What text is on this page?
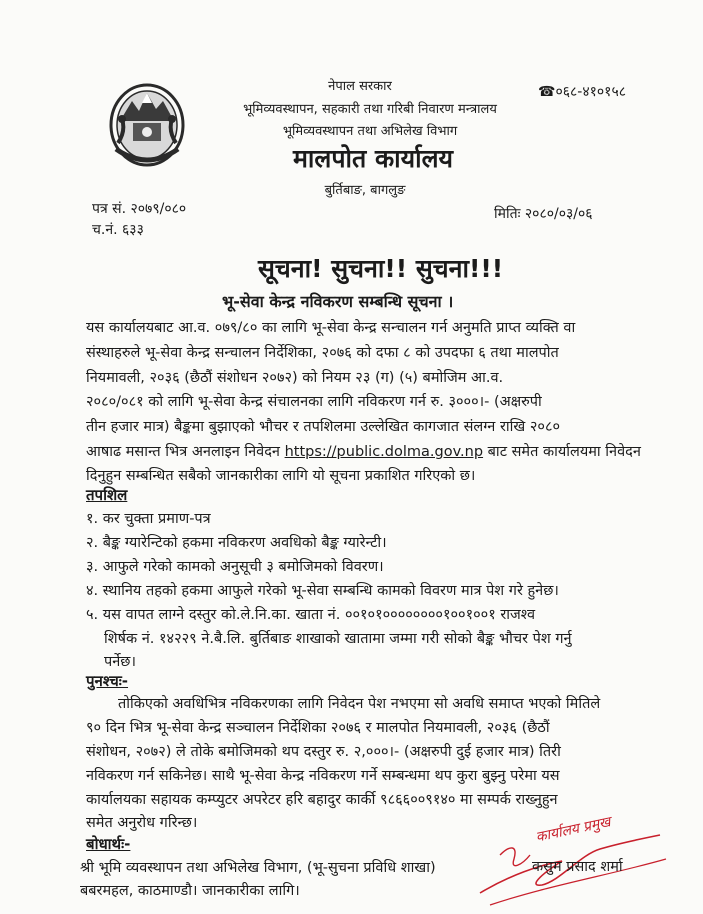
नेपाल सरकार
भूमिव्यवस्थापन, सहकारी तथा गरिबी निवारण मन्त्रालय
भूमिव्यवस्थापन तथा अभिलेख विभाग
मालपोत कार्यालय
बुर्तिबाङ, बागलुङ
☎०६८-४१०१५८
पत्र सं. २०७९/०८०
च.नं. ६३३
मितिः २०८०/०३/०६
सूचना! सुचना!! सुचना!!!
भू-सेवा केन्द्र नविकरण सम्बन्धि सूचना ।
यस कार्यालयबाट आ.व. ०७९/८० का लागि भू-सेवा केन्द्र सन्चालन गर्न अनुमति प्राप्त व्यक्ति वा
संस्थाहरुले भू-सेवा केन्द्र सन्चालन निर्देशिका, २०७६ को दफा ८ को उपदफा ६ तथा मालपोत
नियमावली, २०३६ (छैठौं संशोधन २०७२) को नियम २३ (ग) (५) बमोजिम आ.व.
२०८०/०८१ को लागि भू-सेवा केन्द्र संचालनका लागि नविकरण गर्न रु. ३०००।- (अक्षरुपी
तीन हजार मात्र) बैङ्कमा बुझाएको भौचर र तपशिलमा उल्लेखित कागजात संलग्न राखि २०८०
आषाढ मसान्त भित्र अनलाइन निवेदन https://public.dolma.gov.np बाट समेत कार्यालयमा निवेदन
दिनुहुन सम्बन्धित सबैको जानकारीका लागि यो सूचना प्रकाशित गरिएको छ।
तपशिल
१. कर चुक्ता प्रमाण-पत्र
२. बैङ्क ग्यारेन्टिको हकमा नविकरण अवधिको बैङ्क ग्यारेन्टी।
३. आफुले गरेको कामको अनुसूची ३ बमोजिमको विवरण।
४. स्थानिय तहको हकमा आफुले गरेको भू-सेवा सम्बन्धि कामको विवरण मात्र पेश गरे हुनेछ।
५. यस वापत लाग्ने दस्तुर को.ले.नि.का. खाता नं. ००१०१००००००००१००१००१ राजश्व
शिर्षक नं. १४२२९ ने.बै.लि. बुर्तिबाङ शाखाको खातामा जम्मा गरी सोको बैङ्क भौचर पेश गर्नु
पर्नेछ।
पुनश्चः-
तोकिएको अवधिभित्र नविकरणका लागि निवेदन पेश नभएमा सो अवधि समाप्त भएको मितिले
९० दिन भित्र भू-सेवा केन्द्र सञ्चालन निर्देशिका २०७६ र मालपोत नियमावली, २०३६ (छैठौं
संशोधन, २०७२) ले तोके बमोजिमको थप दस्तुर रु. २,०००।- (अक्षरुपी दुई हजार मात्र) तिरी
नविकरण गर्न सकिनेछ। साथै भू-सेवा केन्द्र नविकरण गर्ने सम्बन्धमा थप कुरा बुझ्नु परेमा यस
कार्यालयका सहायक कम्प्युटर अपरेटर हरि बहादुर कार्की ९८६६००९१४० मा सम्पर्क राख्नुहुन
समेत अनुरोध गरिन्छ।
बोधार्थः-
श्री भूमि व्यवस्थापन तथा अभिलेख विभाग, (भू-सुचना प्रविधि शाखा)
बबरमहल, काठमाण्डौ। जानकारीका लागि।
कार्यालय प्रमुख
कसुम प्रसाद शर्मा
